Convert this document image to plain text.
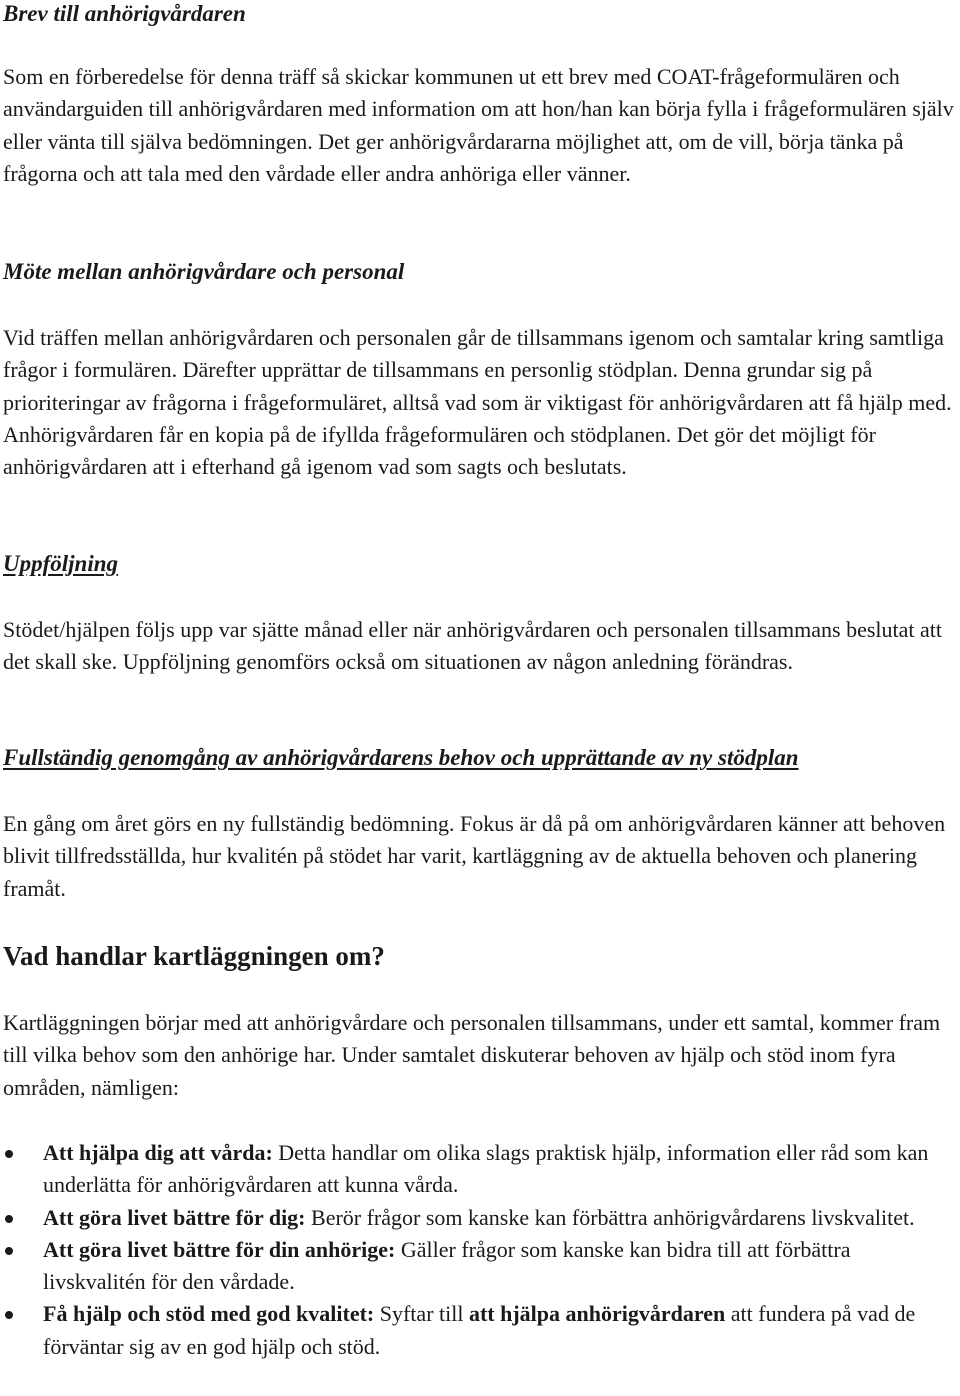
Brev till anhörigvårdaren

Som en förberedelse för denna träff så skickar kommunen ut ett brev med COAT-frågeformulären och användarguiden till anhörigvårdaren med information om att hon/han kan börja fylla i frågeformulären själv eller vänta till själva bedömningen. Det ger anhörigvårdararna möjlighet att, om de vill, börja tänka på frågorna och att tala med den vårdade eller andra anhöriga eller vänner.

Möte mellan anhörigvårdare och personal

Vid träffen mellan anhörigvårdaren och personalen går de tillsammans igenom och samtalar kring samtliga frågor i formulären. Därefter upprättar de tillsammans en personlig stödplan. Denna grundar sig på prioriteringar av frågorna i frågeformuläret, alltså vad som är viktigast för anhörigvårdaren att få hjälp med. Anhörigvårdaren får en kopia på de ifyllda frågeformulären och stödplanen. Det gör det möjligt för anhörigvårdaren att i efterhand gå igenom vad som sagts och beslutats.

Uppföljning

Stödet/hjälpen följs upp var sjätte månad eller när anhörigvårdaren och personalen tillsammans beslutat att det skall ske. Uppföljning genomförs också om situationen av någon anledning förändras.

Fullständig genomgång av anhörigvårdarens behov och upprättande av ny stödplan

En gång om året görs en ny fullständig bedömning. Fokus är då på om anhörigvårdaren känner att behoven blivit tillfredsställda, hur kvalitén på stödet har varit, kartläggning av de aktuella behoven och planering framåt.

Vad handlar kartläggningen om?

Kartläggningen börjar med att anhörigvårdare och personalen tillsammans, under ett samtal, kommer fram till vilka behov som den anhörige har. Under samtalet diskuterar behoven av hjälp och stöd inom fyra områden, nämligen:

Att hjälpa dig att vårda: Detta handlar om olika slags praktisk hjälp, information eller råd som kan underlätta för anhörigvårdaren att kunna vårda.
Att göra livet bättre för dig: Berör frågor som kanske kan förbättra anhörigvårdarens livskvalitet.
Att göra livet bättre för din anhörige: Gäller frågor som kanske kan bidra till att förbättra livskvalitén för den vårdade.
Få hjälp och stöd med god kvalitet: Syftar till att hjälpa anhörigvårdaren att fundera på vad de förväntar sig av en god hjälp och stöd.
